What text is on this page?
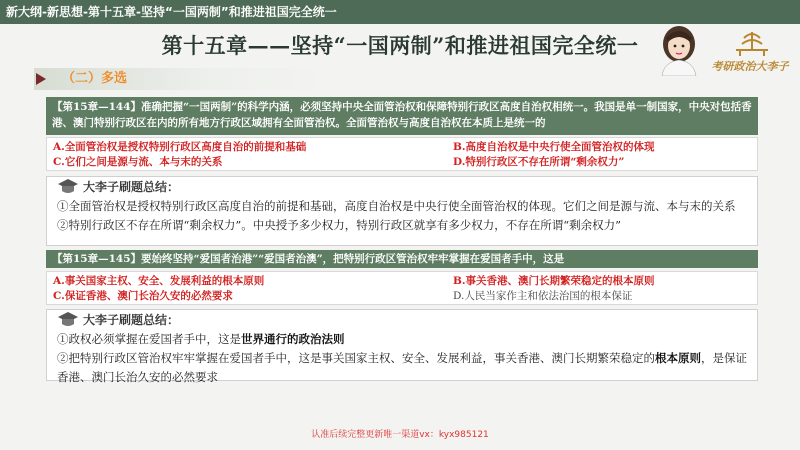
新大纲-新思想-第十五章-坚持“一国两制”和推进祖国完全统一
第十五章——坚持“一国两制”和推进祖国完全统一
考研政治大李子
（二）多选
【第15章—144】准确把握“一国两制”的科学内涵，必须坚持中央全面管治权和保障特别行政区高度自治权相统一。我国是单一制国家，中央对包括香港、澳门特别行政区在内的所有地方行政区域拥有全面管治权。全面管治权与高度自治权在本质上是统一的
A.全面管治权是授权特别行政区高度自治的前提和基础	B.高度自治权是中央行使全面管治权的体现
C.它们之间是源与流、本与末的关系	D.特别行政区不存在所谓“剩余权力”
大李子刷题总结：
①全面管治权是授权特别行政区高度自治的前提和基础，高度自治权是中央行使全面管治权的体现。它们之间是源与流、本与末的关系
②特别行政区不存在所谓“剩余权力”。中央授予多少权力，特别行政区就享有多少权力，不存在所谓“剩余权力”
【第15章—145】要始终坚持“爱国者治港”“爱国者治澳”，把特别行政区管治权牢牢掌握在爱国者手中，这是
A.事关国家主权、安全、发展利益的根本原则	B.事关香港、澳门长期繁荣稳定的根本原则
C.保证香港、澳门长治久安的必然要求	D.人民当家作主和依法治国的根本保证
大李子刷题总结：
①政权必须掌握在爱国者手中，这是世界通行的政治法则
②把特别行政区管治权牢牢掌握在爱国者手中，这是事关国家主权、安全、发展利益，事关香港、澳门长期繁荣稳定的根本原则，是保证香港、澳门长治久安的必然要求
认准后续完整更新唯一渠道vx：kyx985121
